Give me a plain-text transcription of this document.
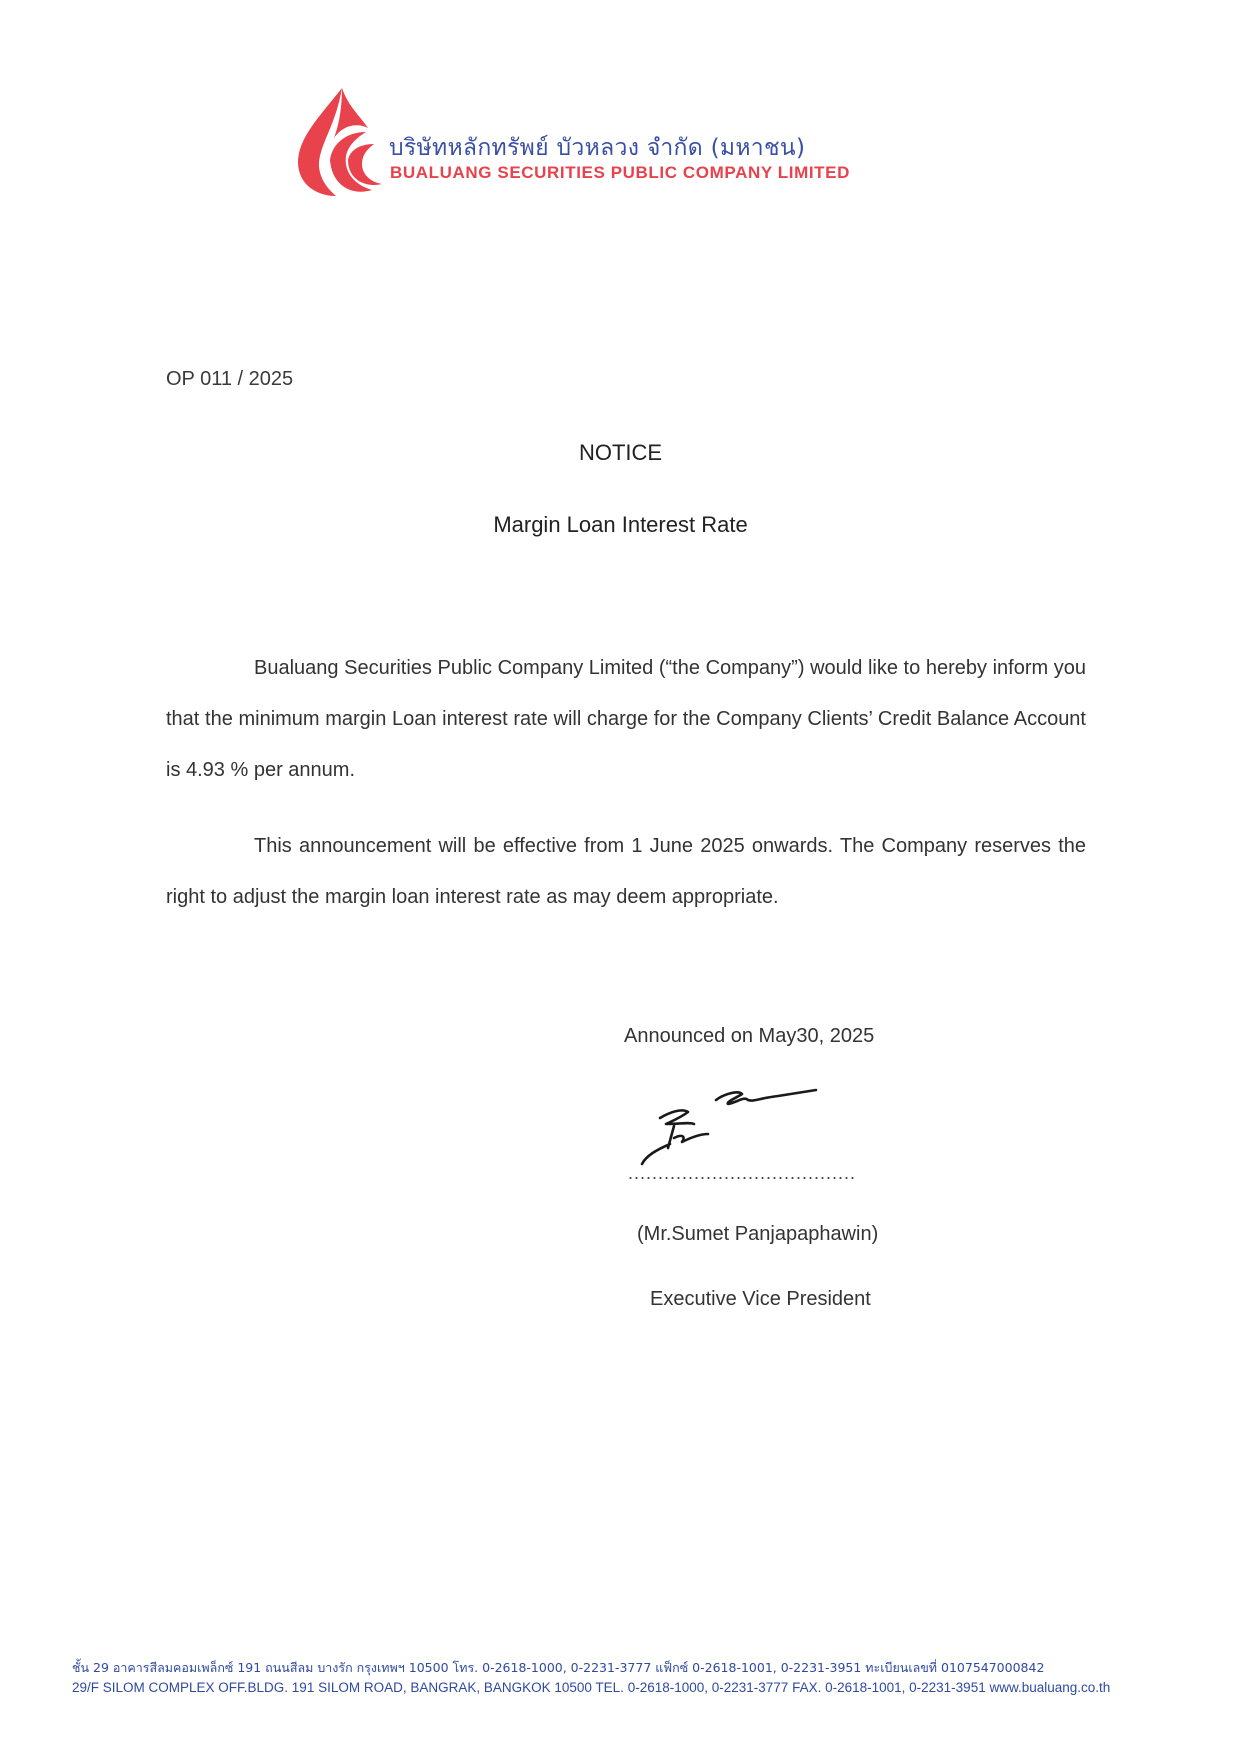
บริษัทหลักทรัพย์ บัวหลวง จำกัด (มหาชน)
BUALUANG SECURITIES PUBLIC COMPANY LIMITED
OP 011 / 2025
NOTICE
Margin Loan Interest Rate
Bualuang Securities Public Company Limited (“the Company”) would like to hereby inform you that the minimum margin Loan interest rate will charge for the Company Clients’ Credit Balance Account is 4.93 % per annum.
This announcement will be effective from 1 June 2025 onwards. The Company reserves the right to adjust the margin loan interest rate as may deem appropriate.
Announced on May30, 2025
......................................
(Mr.Sumet Panjapaphawin)
Executive Vice President
ชั้น 29 อาคารสีลมคอมเพล็กซ์ 191 ถนนสีลม บางรัก กรุงเทพฯ 10500 โทร. 0-2618-1000, 0-2231-3777 แฟ็กซ์ 0-2618-1001, 0-2231-3951 ทะเบียนเลขที่ 0107547000842
29/F SILOM COMPLEX OFF.BLDG. 191 SILOM ROAD, BANGRAK, BANGKOK 10500 TEL. 0-2618-1000, 0-2231-3777 FAX. 0-2618-1001, 0-2231-3951 www.bualuang.co.th
